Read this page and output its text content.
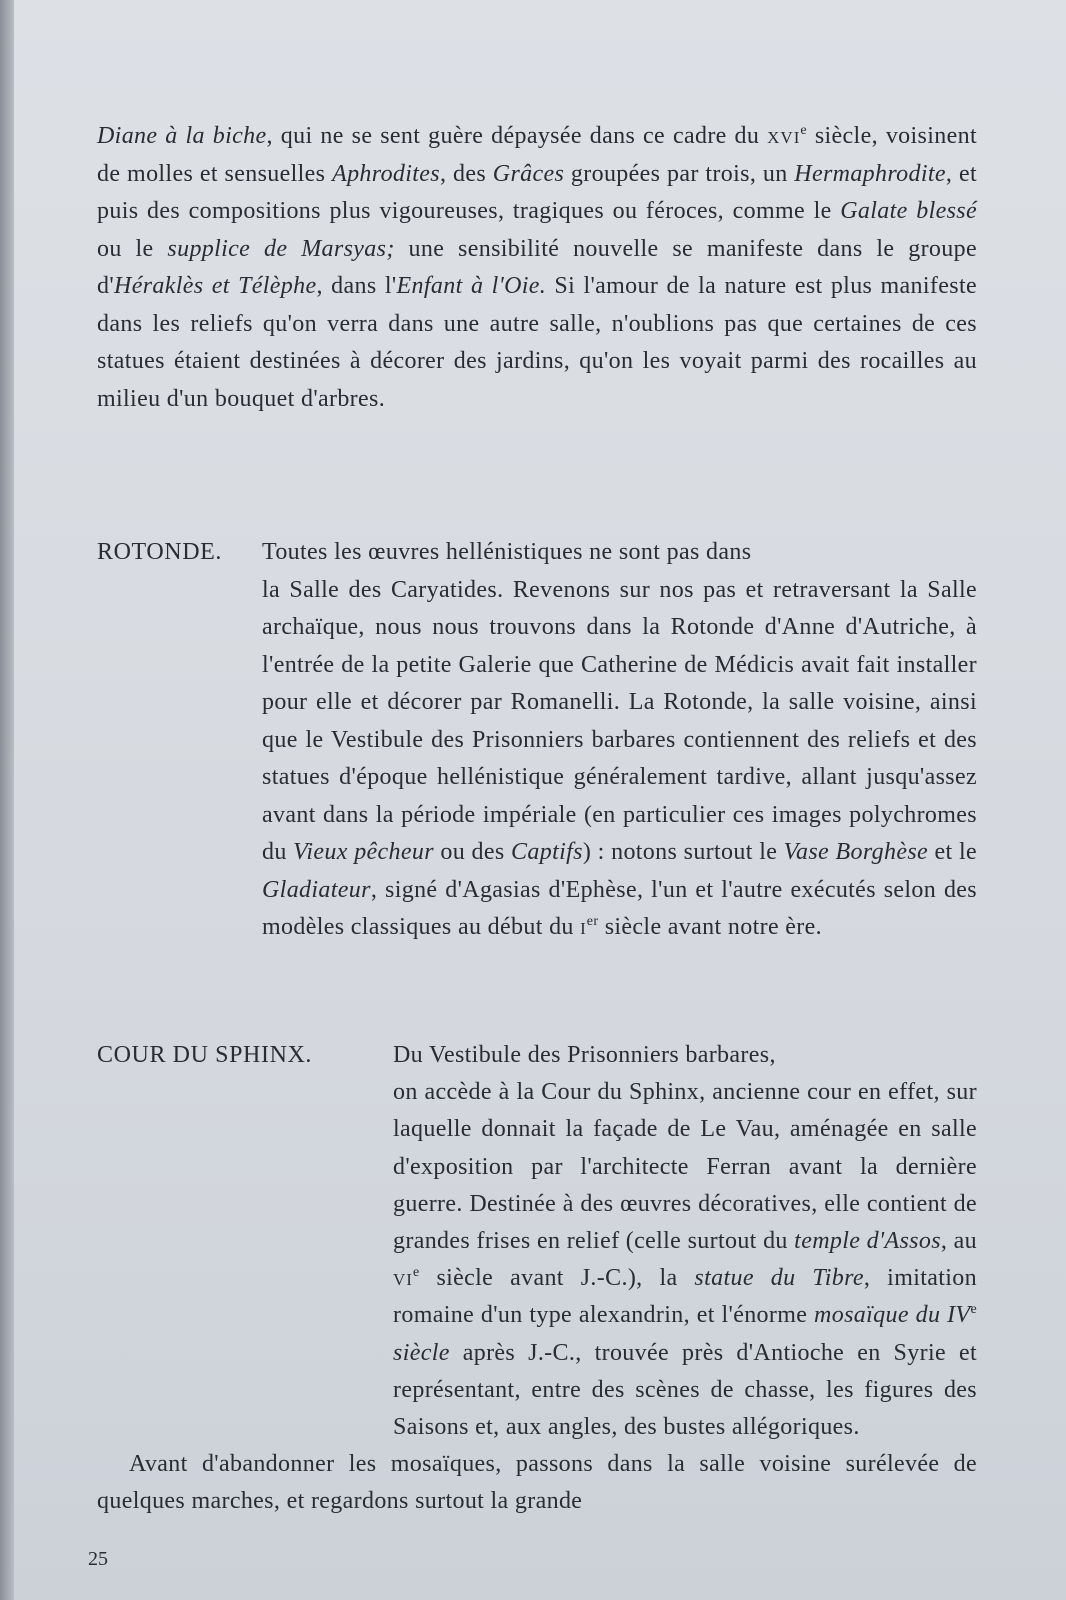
Diane à la biche, qui ne se sent guère dépaysée dans ce cadre du xvi$^e$ siècle, voisinent de molles et sensuelles Aphrodites, des Grâces groupées par trois, un Hermaphrodite, et puis des compositions plus vigoureuses, tragiques ou féroces, comme le Galate blessé ou le supplice de Marsyas; une sensibilité nouvelle se manifeste dans le groupe d'Héraklès et Télèphe, dans l'Enfant à l'Oie. Si l'amour de la nature est plus manifeste dans les reliefs qu'on verra dans une autre salle, n'oublions pas que certaines de ces statues étaient destinées à décorer des jardins, qu'on les voyait parmi des rocailles au milieu d'un bouquet d'arbres.
ROTONDE. Toutes les œuvres hellénistiques ne sont pas dans
la Salle des Caryatides. Revenons sur nos pas et retraversant la Salle archaïque, nous nous trouvons dans la Rotonde d'Anne d'Autriche, à l'entrée de la petite Galerie que Catherine de Médicis avait fait installer pour elle et décorer par Romanelli. La Rotonde, la salle voisine, ainsi que le Vestibule des Prisonniers barbares contiennent des reliefs et des statues d'époque hellénistique généralement tardive, allant jusqu'assez avant dans la période impériale (en particulier ces images polychromes du Vieux pêcheur ou des Captifs) : notons surtout le Vase Borghèse et le Gladiateur, signé d'Agasias d'Ephèse, l'un et l'autre exécutés selon des modèles classiques au début du $i^{er}$ siècle avant notre ère.
COUR DU SPHINX.	Du Vestibule des Prisonniers barbares,
on accède à la Cour du Sphinx, ancienne cour en effet, sur laquelle donnait la façade de Le Vau, aménagée en salle d'exposition par l'architecte Ferran avant la dernière guerre. Destinée à des œuvres décoratives, elle contient de grandes frises en relief (celle surtout du temple d'Assos, au $vi^e$ siècle avant J.-C.), la statue du Tibre, imitation romaine d'un type alexandrin, et l'énorme mosaïque du IVe siècle après J.-C., trouvée près d'Antioche en Syrie et représentant, entre des scènes de chasse, les figures des Saisons et, aux angles, des bustes allégoriques.
Avant d'abandonner les mosaïques, passons dans la salle voisine surélevée de quelques marches, et regardons surtout la grande
25
